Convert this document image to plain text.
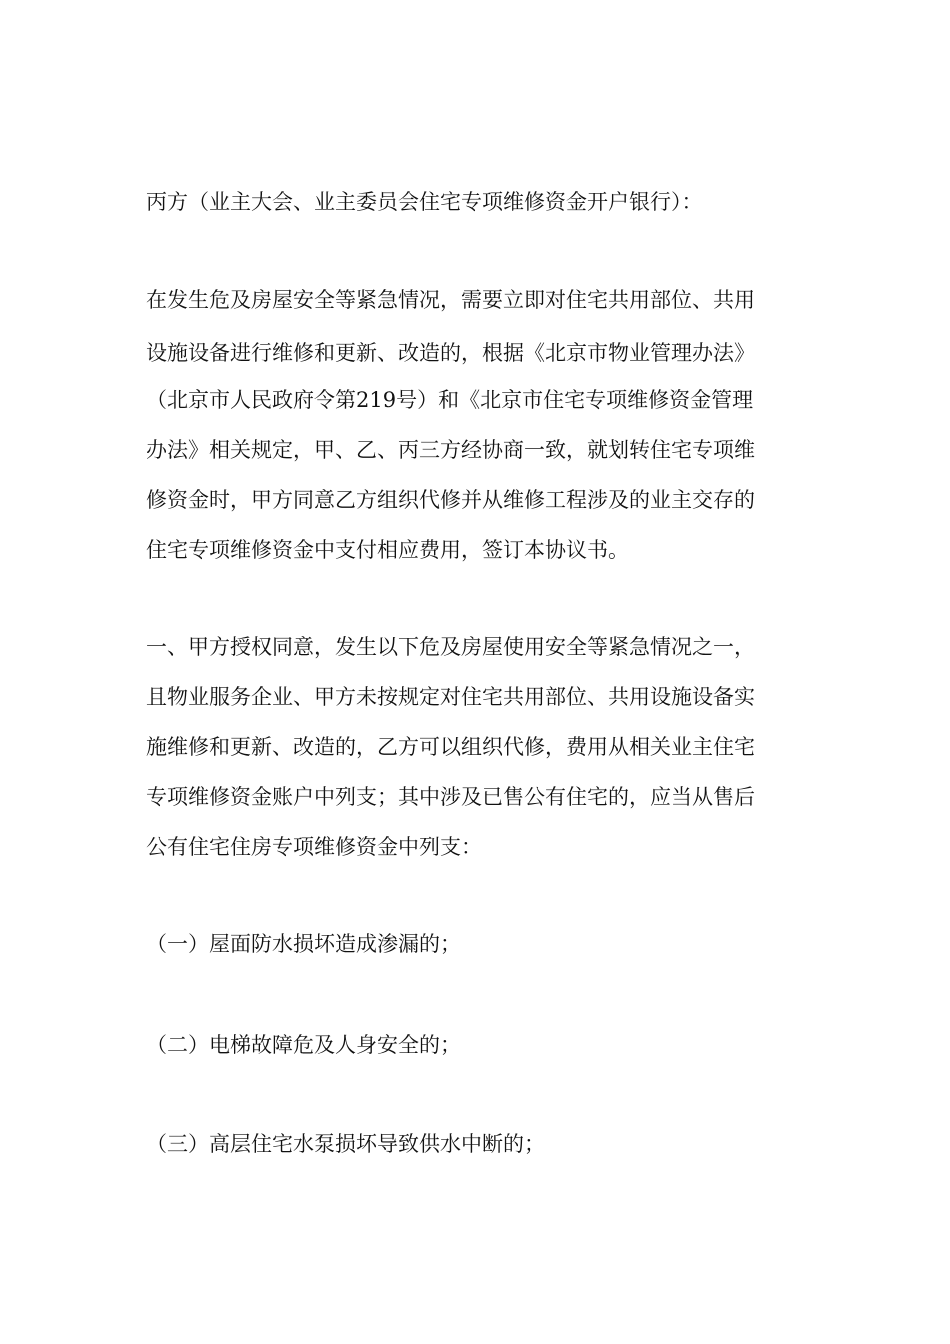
丙方（业主大会、业主委员会住宅专项维修资金开户银行）：
在发生危及房屋安全等紧急情况，需要立即对住宅共用部位、共用
设施设备进行维修和更新、改造的，根据《北京市物业管理办法》
（北京市人民政府令第219号）和《北京市住宅专项维修资金管理
办法》相关规定，甲、乙、丙三方经协商一致，就划转住宅专项维
修资金时，甲方同意乙方组织代修并从维修工程涉及的业主交存的
住宅专项维修资金中支付相应费用，签订本协议书。
一、甲方授权同意，发生以下危及房屋使用安全等紧急情况之一，
且物业服务企业、甲方未按规定对住宅共用部位、共用设施设备实
施维修和更新、改造的，乙方可以组织代修，费用从相关业主住宅
专项维修资金账户中列支；其中涉及已售公有住宅的，应当从售后
公有住宅住房专项维修资金中列支：
（一）屋面防水损坏造成渗漏的；
（二）电梯故障危及人身安全的；
（三）高层住宅水泵损坏导致供水中断的；
